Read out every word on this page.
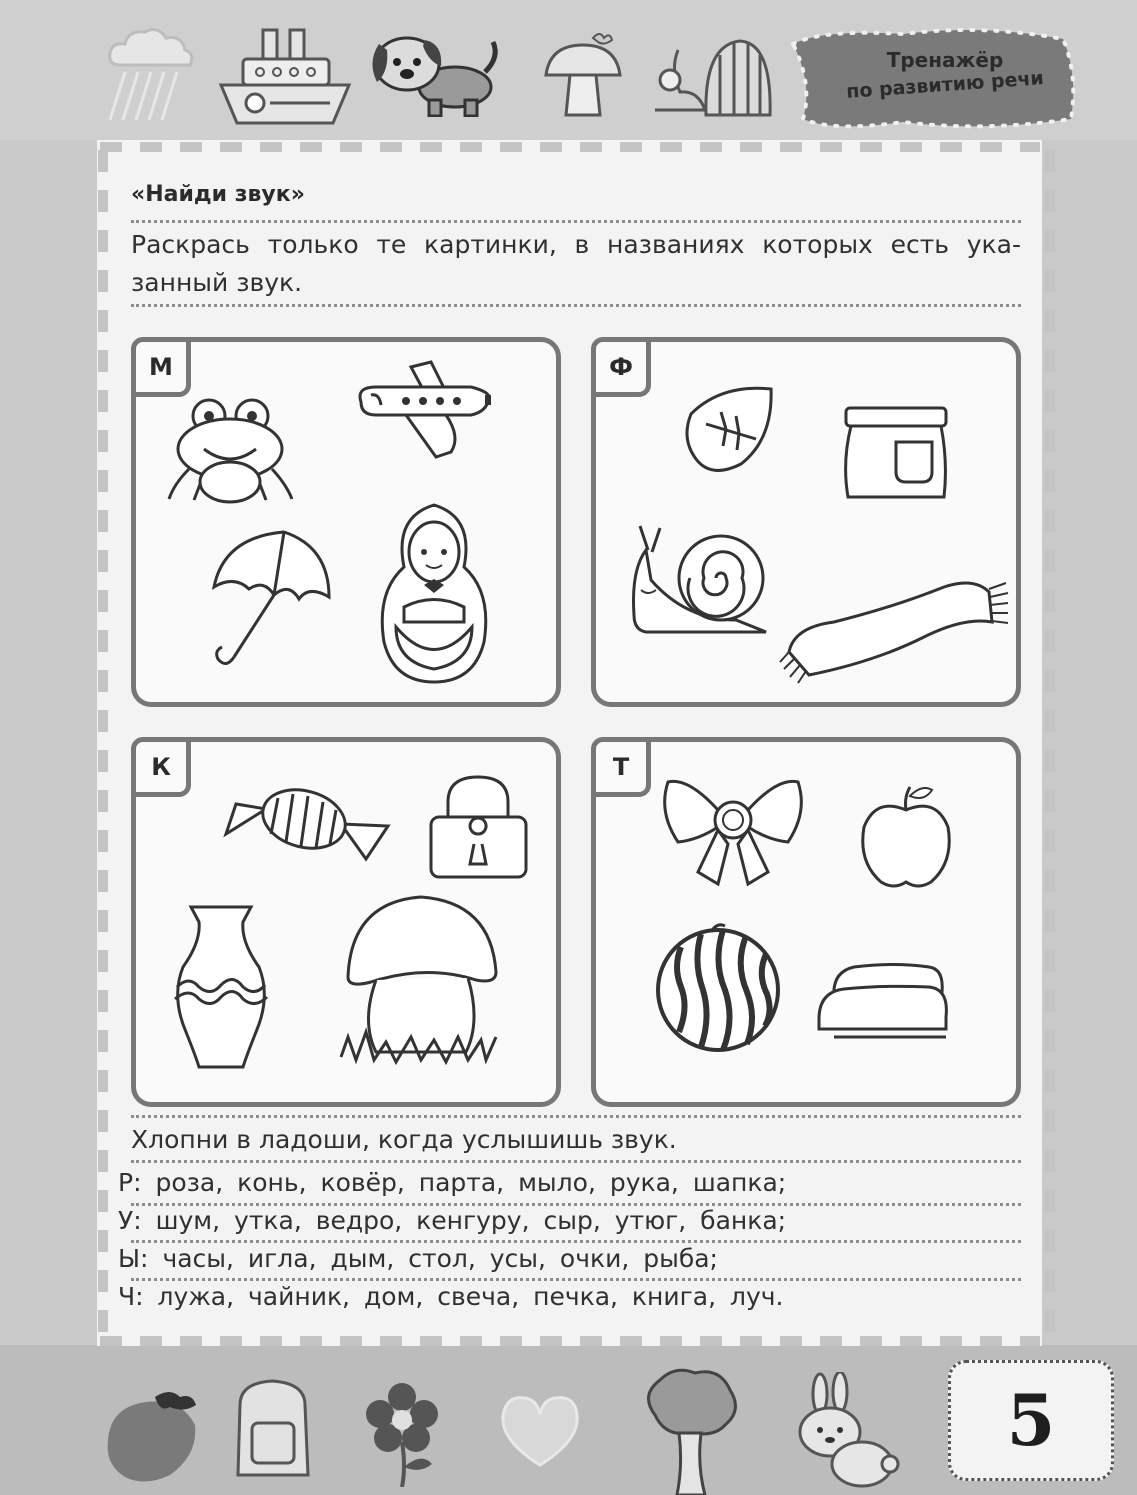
Тренажёр
по развитию речи
«Найди звук»
Раскрась только те картинки, в названиях которых есть ука-
занный звук.
М	Ф
К	Т
Хлопни в ладоши, когда услышишь звук.
Р: роза, конь, ковёр, парта, мыло, рука, шапка;
У: шум, утка, ведро, кенгуру, сыр, утюг, банка;
Ы: часы, игла, дым, стол, усы, очки, рыба;
Ч: лужа, чайник, дом, свеча, печка, книга, луч.
5
